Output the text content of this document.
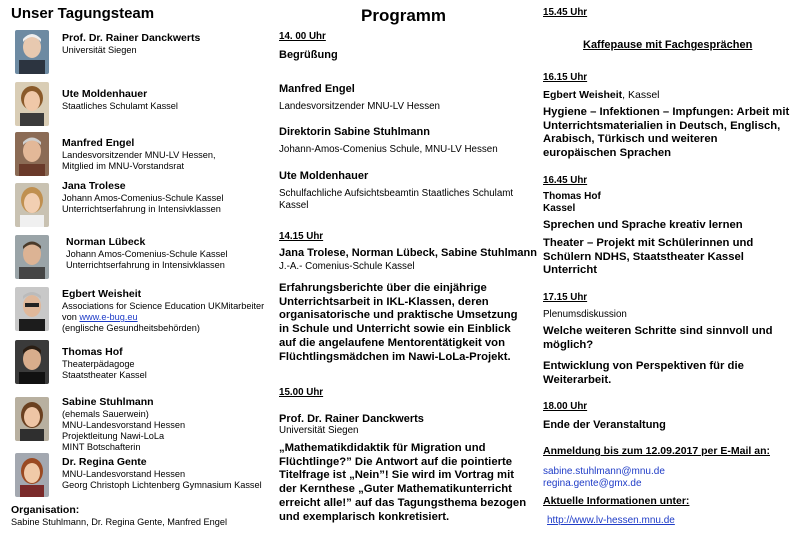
Unser Tagungsteam
Prof. Dr. Rainer Danckwerts
Universität Siegen
Ute Moldenhauer
Staatliches Schulamt Kassel
Manfred Engel
Landesvorsitzender MNU-LV Hessen,
Mitglied im MNU-Vorstandsrat
Jana Trolese
Johann Amos-Comenius-Schule Kassel
Unterrichtserfahrung in Intensivklassen
Norman Lübeck
Johann Amos-Comenius-Schule Kassel
Unterrichtserfahrung in Intensivklassen
Egbert Weisheit
Associations for Science Education UKMitarbeiter
von www.e-bug.eu
(englische Gesundheitsbehörden)
Thomas Hof
Theaterpädagoge
Staatstheater Kassel
Sabine Stuhlmann
(ehemals Sauerwein)
MNU-Landesvorstand Hessen
Projektleitung Nawi-LoLa
MINT Botschafterin
Dr. Regina Gente
MNU-Landesvorstand Hessen
Georg Christoph Lichtenberg Gymnasium Kassel
Organisation:
Sabine Stuhlmann, Dr. Regina Gente, Manfred Engel
Programm
14. 00 Uhr
Begrüßung
Manfred Engel
Landesvorsitzender MNU-LV Hessen
Direktorin Sabine Stuhlmann
Johann-Amos-Comenius Schule, MNU-LV Hessen
Ute Moldenhauer
Schulfachliche Aufsichtsbeamtin Staatliches Schulamt
Kassel
14.15 Uhr
Jana Trolese, Norman Lübeck, Sabine Stuhlmann
J.-A.- Comenius-Schule Kassel
Erfahrungsberichte über die einjährige
Unterrichtsarbeit in IKL-Klassen, deren
organisatorische und praktische Umsetzung
in Schule und Unterricht sowie ein Einblick
auf die angelaufene Mentorentätigkeit von
Flüchtlingsmädchen im Nawi-LoLa-Projekt.
15.00 Uhr
Prof. Dr. Rainer Danckwerts
Universität Siegen
„Mathematikdidaktik für Migration und
Flüchtlinge?” Die Antwort auf die pointierte
Titelfrage ist „Nein”! Sie wird im Vortrag mit
der Kernthese „Guter Mathematikunterricht
erreicht alle!” auf das Tagungsthema bezogen
und exemplarisch konkretisiert.
15.45 Uhr
Kaffepause mit Fachgesprächen
16.15 Uhr
Egbert Weisheit, Kassel
Hygiene – Infektionen – Impfungen: Arbeit mit
Unterrichtsmaterialien in Deutsch, Englisch,
Arabisch, Türkisch und weiteren
europäischen Sprachen
16.45 Uhr
Thomas Hof
Kassel
Sprechen und Sprache kreativ lernen
Theater – Projekt mit Schülerinnen und
Schülern NDHS, Staatstheater Kassel
Unterricht
17.15 Uhr
Plenumsdiskussion
Welche weiteren Schritte sind sinnvoll und
möglich?
Entwicklung von Perspektiven für die
Weiterarbeit.
18.00 Uhr
Ende der Veranstaltung
Anmeldung bis zum 12.09.2017 per E-Mail an:
sabine.stuhlmann@mnu.de
regina.gente@gmx.de
Aktuelle Informationen unter:
http://www.lv-hessen.mnu.de
